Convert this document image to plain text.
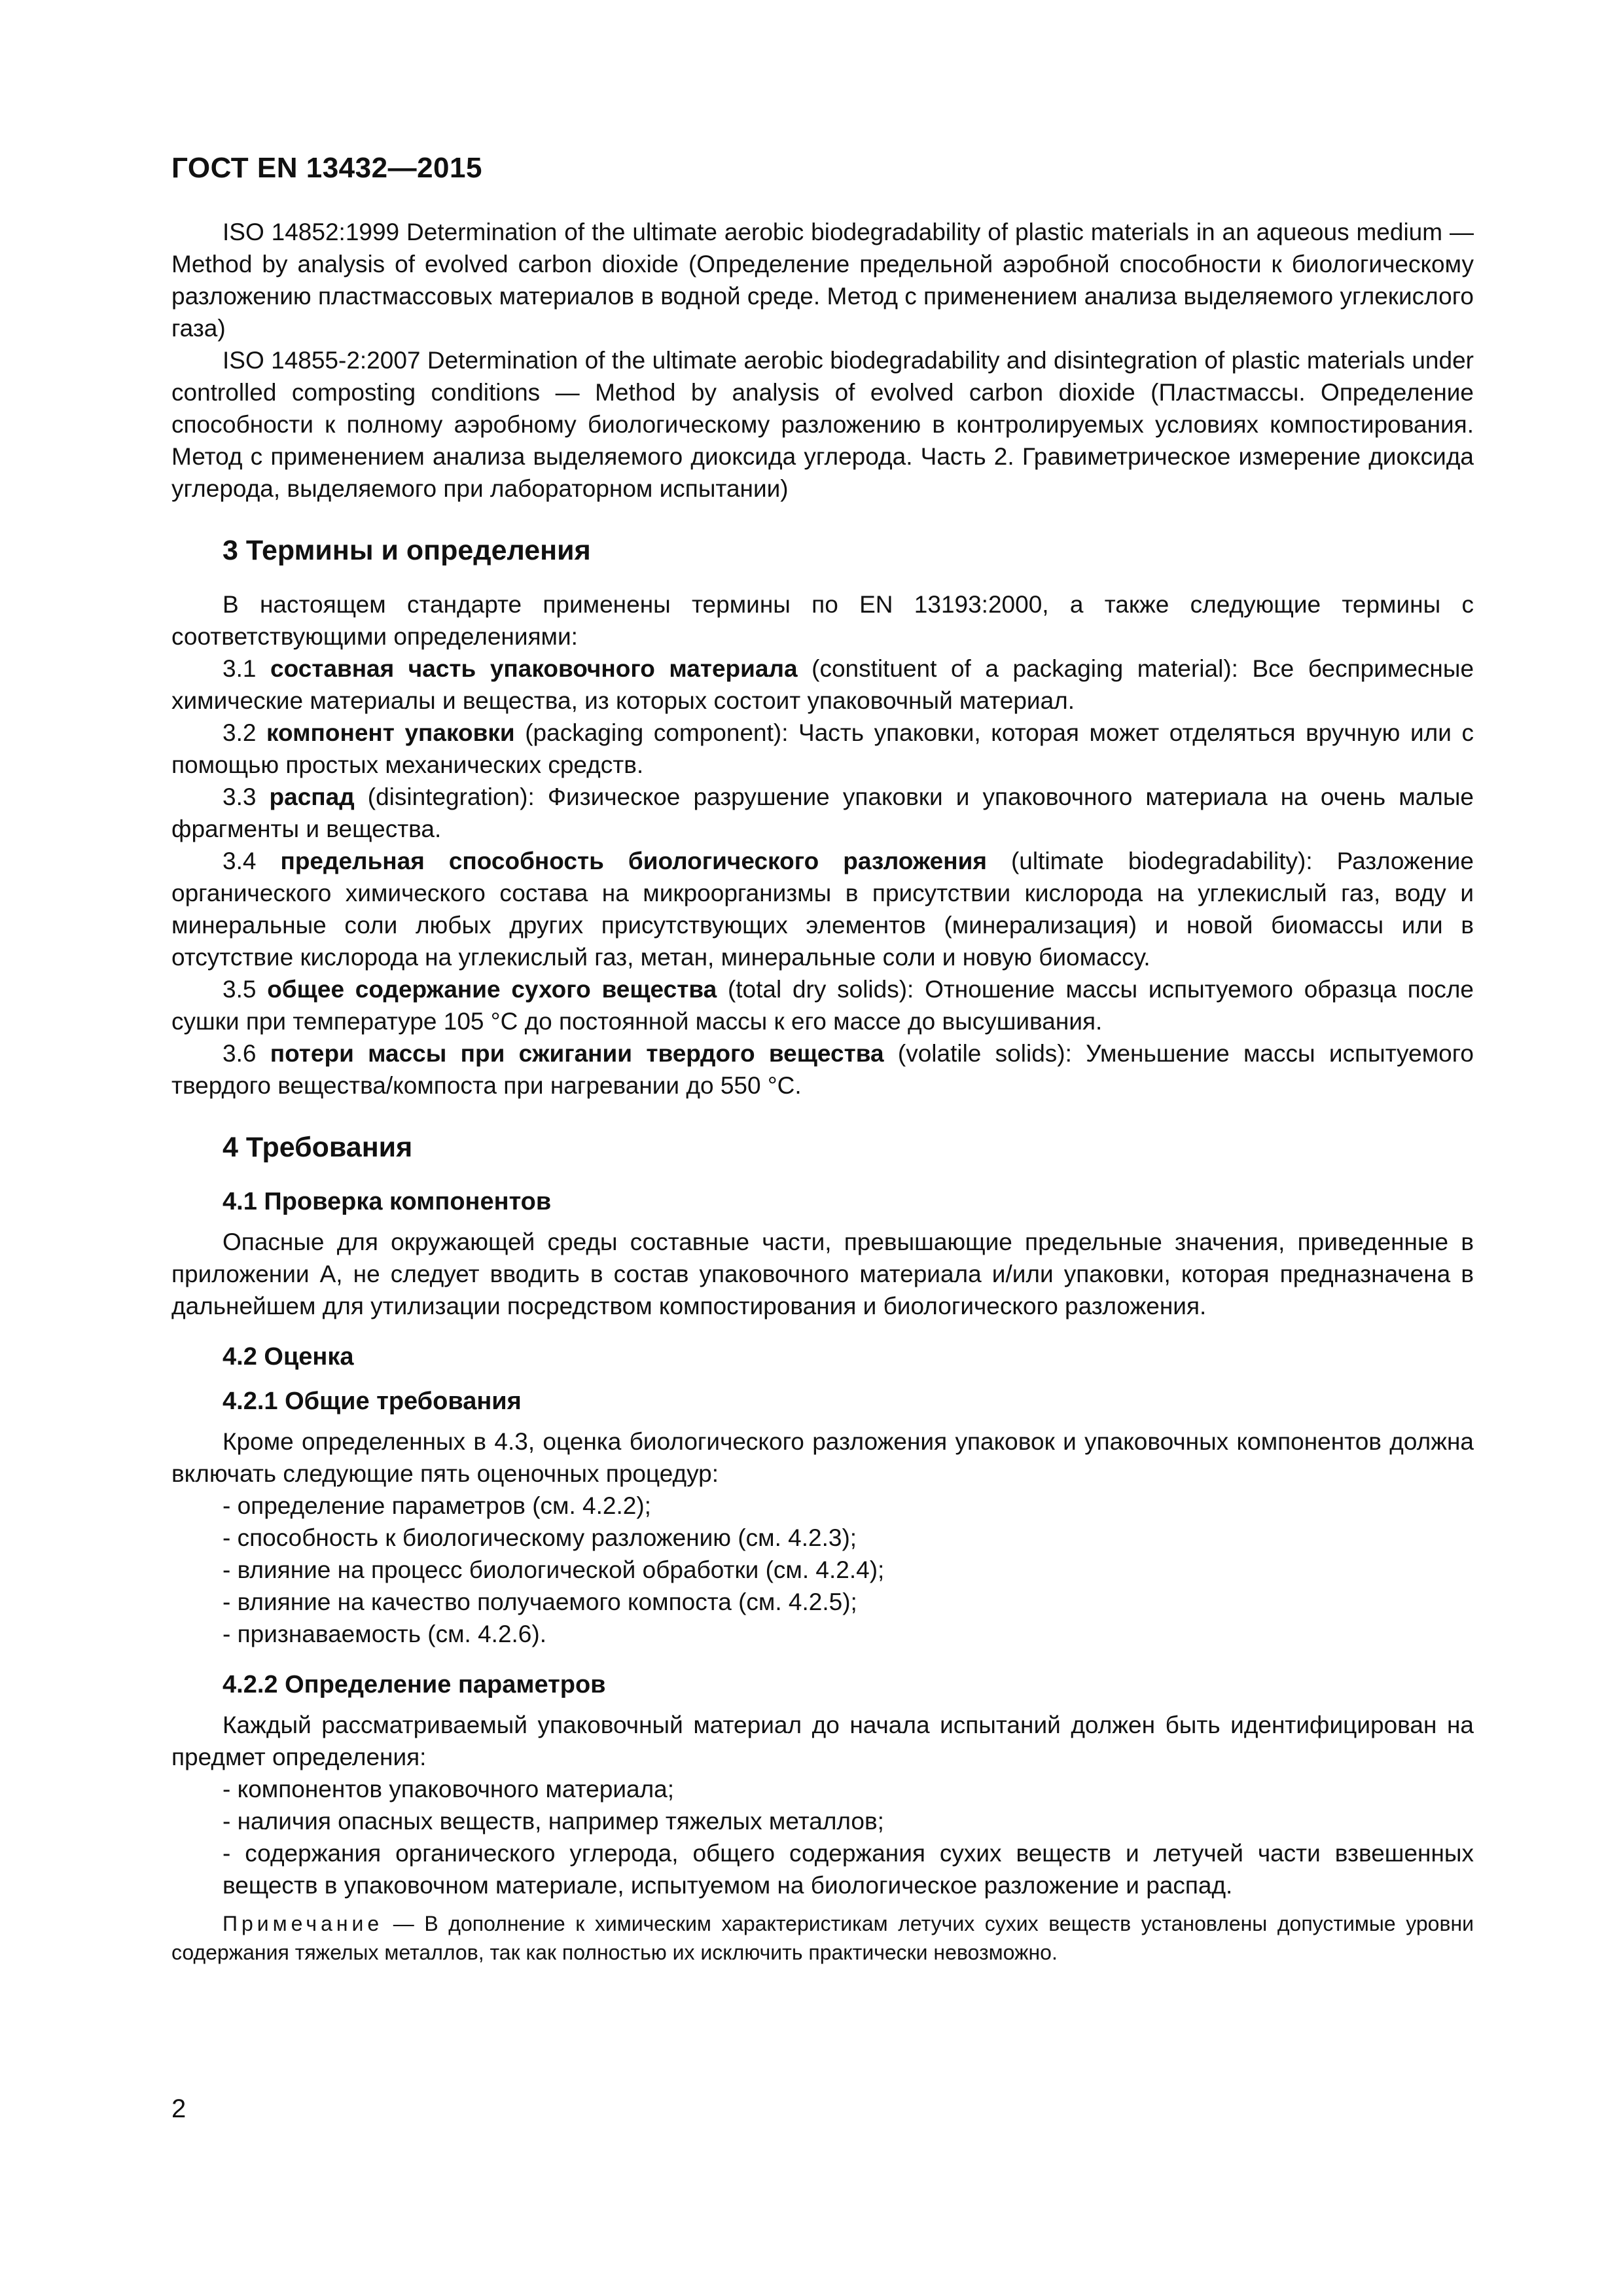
ГОСТ EN 13432—2015

ISO 14852:1999 Determination of the ultimate aerobic biodegradability of plastic materials in an aqueous medium — Method by analysis of evolved carbon dioxide (Определение предельной аэробной способности к биологическому разложению пластмассовых материалов в водной среде. Метод с применением анализа выделяемого углекислого газа)

ISO 14855-2:2007 Determination of the ultimate aerobic biodegradability and disintegration of plastic materials under controlled composting conditions — Method by analysis of evolved carbon dioxide (Пластмассы. Определение способности к полному аэробному биологическому разложению в контролируемых условиях компостирования. Метод с применением анализа выделяемого диоксида углерода. Часть 2. Гравиметрическое измерение диоксида углерода, выделяемого при лабораторном испытании)

3 Термины и определения

В настоящем стандарте применены термины по EN 13193:2000, а также следующие термины с соответствующими определениями:

3.1 составная часть упаковочного материала (constituent of a packaging material): Все беспримесные химические материалы и вещества, из которых состоит упаковочный материал.

3.2 компонент упаковки (packaging component): Часть упаковки, которая может отделяться вручную или с помощью простых механических средств.

3.3 распад (disintegration): Физическое разрушение упаковки и упаковочного материала на очень малые фрагменты и вещества.

3.4 предельная способность биологического разложения (ultimate biodegradability): Разложение органического химического состава на микроорганизмы в присутствии кислорода на углекислый газ, воду и минеральные соли любых других присутствующих элементов (минерализация) и новой биомассы или в отсутствие кислорода на углекислый газ, метан, минеральные соли и новую биомассу.

3.5 общее содержание сухого вещества (total dry solids): Отношение массы испытуемого образца после сушки при температуре 105 °С до постоянной массы к его массе до высушивания.

3.6 потери массы при сжигании твердого вещества (volatile solids): Уменьшение массы испытуемого твердого вещества/компоста при нагревании до 550 °С.

4 Требования
4.1 Проверка компонентов

Опасные для окружающей среды составные части, превышающие предельные значения, приведенные в приложении А, не следует вводить в состав упаковочного материала и/или упаковки, которая предназначена в дальнейшем для утилизации посредством компостирования и биологического разложения.

4.2 Оценка
4.2.1 Общие требования

Кроме определенных в 4.3, оценка биологического разложения упаковок и упаковочных компонентов должна включать следующие пять оценочных процедур:

- определение параметров (см. 4.2.2);
- способность к биологическому разложению (см. 4.2.3);
- влияние на процесс биологической обработки (см. 4.2.4);
- влияние на качество получаемого компоста (см. 4.2.5);
- признаваемость (см. 4.2.6).
4.2.2 Определение параметров

Каждый рассматриваемый упаковочный материал до начала испытаний должен быть идентифицирован на предмет определения:

- компонентов упаковочного материала;
- наличия опасных веществ, например тяжелых металлов;
- содержания органического углерода, общего содержания сухих веществ и летучей части взвешенных веществ в упаковочном материале, испытуемом на биологическое разложение и распад.
Примечание — В дополнение к химическим характеристикам летучих сухих веществ установлены допустимые уровни содержания тяжелых металлов, так как полностью их исключить практически невозможно.
2
